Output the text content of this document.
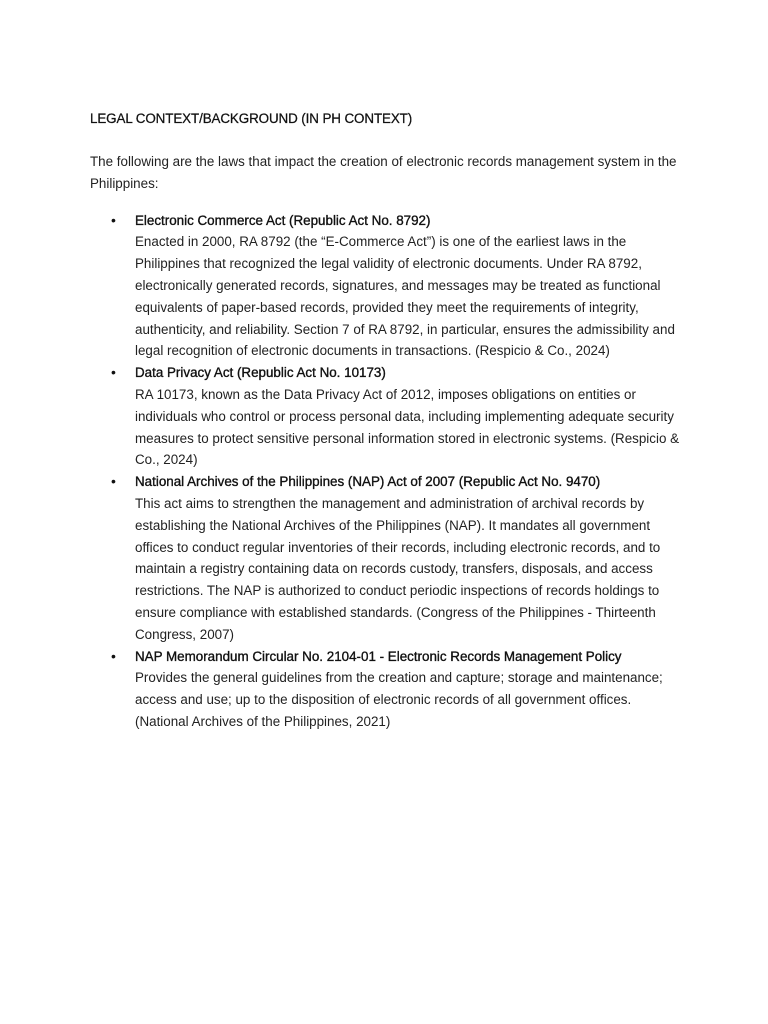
LEGAL CONTEXT/BACKGROUND (IN PH CONTEXT)

The following are the laws that impact the creation of electronic records management system in the Philippines:

• Electronic Commerce Act (Republic Act No. 8792)
Enacted in 2000, RA 8792 (the “E-Commerce Act”) is one of the earliest laws in the Philippines that recognized the legal validity of electronic documents. Under RA 8792, electronically generated records, signatures, and messages may be treated as functional equivalents of paper-based records, provided they meet the requirements of integrity, authenticity, and reliability. Section 7 of RA 8792, in particular, ensures the admissibility and legal recognition of electronic documents in transactions. (Respicio & Co., 2024)
• Data Privacy Act (Republic Act No. 10173)
RA 10173, known as the Data Privacy Act of 2012, imposes obligations on entities or individuals who control or process personal data, including implementing adequate security measures to protect sensitive personal information stored in electronic systems. (Respicio & Co., 2024)
• National Archives of the Philippines (NAP) Act of 2007 (Republic Act No. 9470)
This act aims to strengthen the management and administration of archival records by establishing the National Archives of the Philippines (NAP). It mandates all government offices to conduct regular inventories of their records, including electronic records, and to maintain a registry containing data on records custody, transfers, disposals, and access restrictions. The NAP is authorized to conduct periodic inspections of records holdings to ensure compliance with established standards. (Congress of the Philippines - Thirteenth Congress, 2007)
• NAP Memorandum Circular No. 2104-01 - Electronic Records Management Policy
Provides the general guidelines from the creation and capture; storage and maintenance; access and use; up to the disposition of electronic records of all government offices. (National Archives of the Philippines, 2021)
